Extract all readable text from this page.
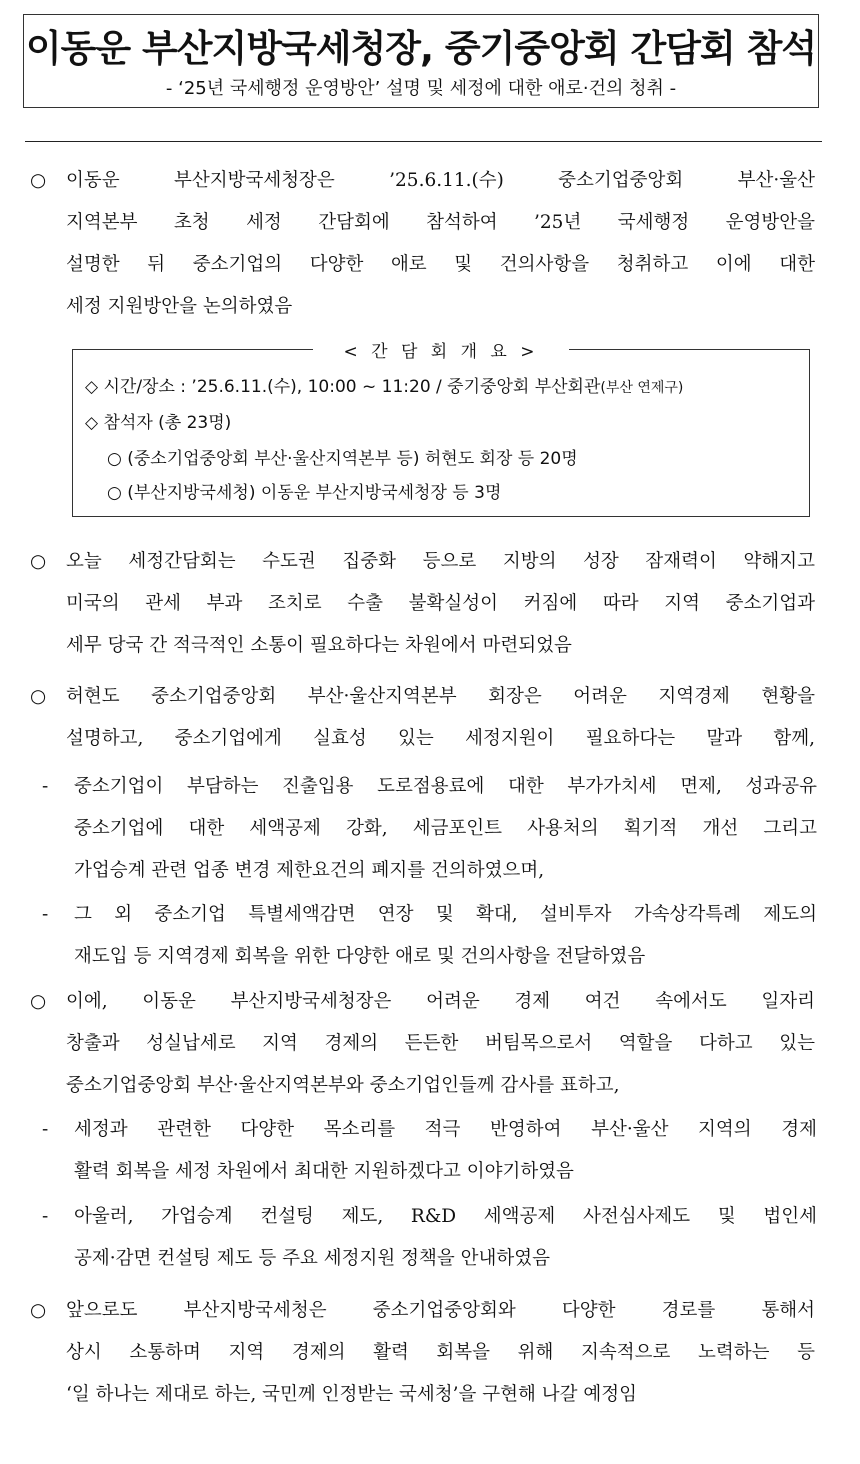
이동운 부산지방국세청장, 중기중앙회 간담회 참석
- ‘25년 국세행정 운영방안’ 설명 및 세정에 대한 애로·건의 청취 -
○	이동운 부산지방국세청장은 ’25.6.11.(수) 중소기업중앙회 부산·울산
지역본부 초청 세정 간담회에 참석하여 ’25년 국세행정 운영방안을
설명한 뒤 중소기업의 다양한 애로 및 건의사항을 청취하고 이에 대한
세정 지원방안을 논의하였음
< 간 담 회 개 요 >
◇ 시간/장소 : ’25.6.11.(수), 10:00 ~ 11:20 / 중기중앙회 부산회관(부산 연제구)
◇ 참석자 (총 23명)
○ (중소기업중앙회 부산·울산지역본부 등) 허현도 회장 등 20명
○ (부산지방국세청) 이동운 부산지방국세청장 등 3명
○	오늘 세정간담회는 수도권 집중화 등으로 지방의 성장 잠재력이 약해지고
미국의 관세 부과 조치로 수출 불확실성이 커짐에 따라 지역 중소기업과
세무 당국 간 적극적인 소통이 필요하다는 차원에서 마련되었음
○	허현도 중소기업중앙회 부산·울산지역본부 회장은 어려운 지역경제 현황을
설명하고, 중소기업에게 실효성 있는 세정지원이 필요하다는 말과 함께,
-	중소기업이 부담하는 진출입용 도로점용료에 대한 부가가치세 면제, 성과공유
중소기업에 대한 세액공제 강화, 세금포인트 사용처의 획기적 개선 그리고
가업승계 관련 업종 변경 제한요건의 폐지를 건의하였으며,
-	그 외 중소기업 특별세액감면 연장 및 확대, 설비투자 가속상각특례 제도의
재도입 등 지역경제 회복을 위한 다양한 애로 및 건의사항을 전달하였음
○	이에, 이동운 부산지방국세청장은 어려운 경제 여건 속에서도 일자리
창출과 성실납세로 지역 경제의 든든한 버팀목으로서 역할을 다하고 있는
중소기업중앙회 부산·울산지역본부와 중소기업인들께 감사를 표하고,
-	세정과 관련한 다양한 목소리를 적극 반영하여 부산·울산 지역의 경제
활력 회복을 세정 차원에서 최대한 지원하겠다고 이야기하였음
-	아울러, 가업승계 컨설팅 제도, R&D 세액공제 사전심사제도 및 법인세
공제·감면 컨설팅 제도 등 주요 세정지원 정책을 안내하였음
○	앞으로도 부산지방국세청은 중소기업중앙회와 다양한 경로를 통해서
상시 소통하며 지역 경제의 활력 회복을 위해 지속적으로 노력하는 등
‘일 하나는 제대로 하는, 국민께 인정받는 국세청’을 구현해 나갈 예정임
